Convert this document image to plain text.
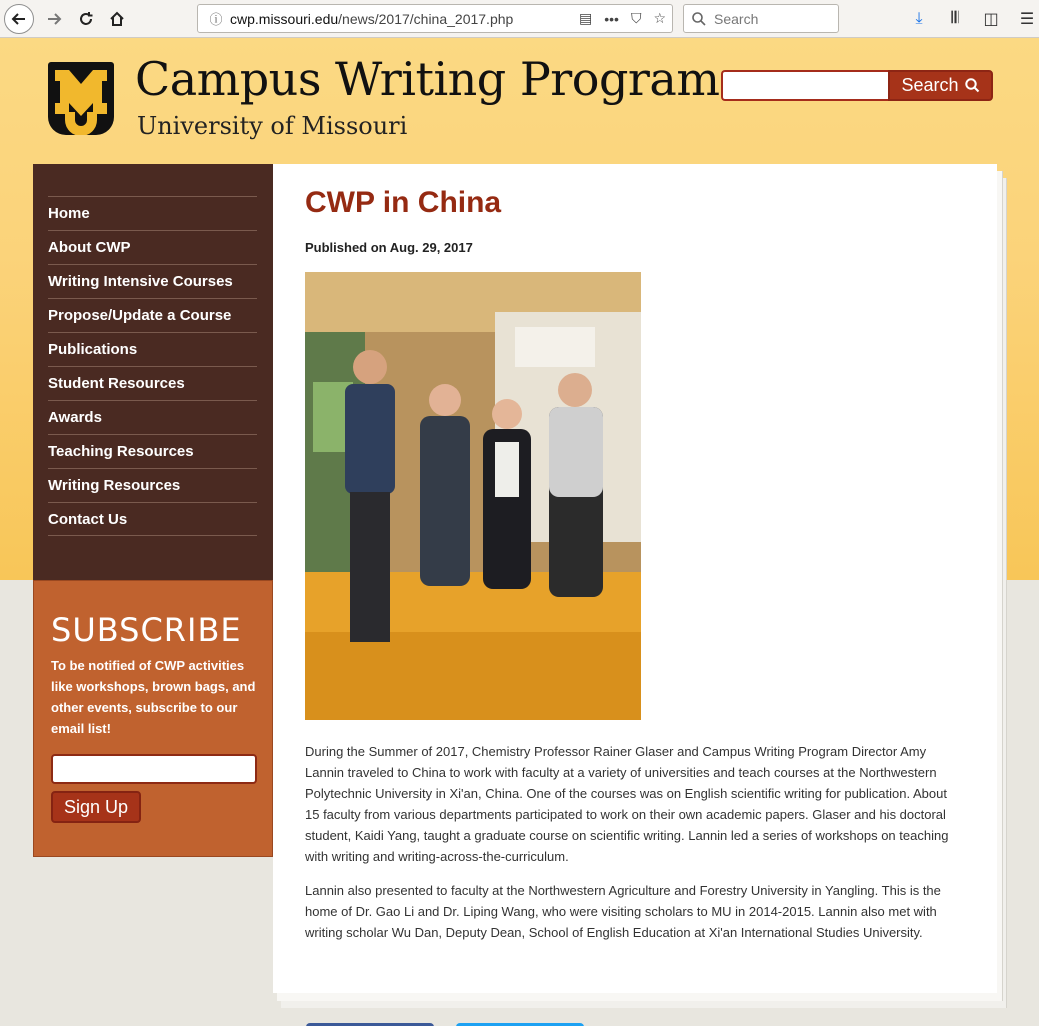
ⓘ cwp.missouri.edu/news/2017/china_2017.php	▤ ••• ⛉ ☆	Search	⤓	𝄃𝄃	◫	☰
Campus Writing Program
University of Missouri
Search
Home
About CWP
Writing Intensive Courses
Propose/Update a Course
Publications
Student Resources
Awards
Teaching Resources
Writing Resources
Contact Us
SUBSCRIBE
To be notified of CWP activities like workshops, brown bags, and other events, subscribe to our email list!

Sign Up
CWP in China
Published on Aug. 29, 2017

During the Summer of 2017, Chemistry Professor Rainer Glaser and Campus Writing Program Director Amy Lannin traveled to China to work with faculty at a variety of universities and teach courses at the Northwestern Polytechnic University in Xi'an, China. One of the courses was on English scientific writing for publication. About 15 faculty from various departments participated to work on their own academic papers. Glaser and his doctoral student, Kaidi Yang, taught a graduate course on scientific writing. Lannin led a series of workshops on teaching with writing and writing-across-the-curriculum.

Lannin also presented to faculty at the Northwestern Agriculture and Forestry University in Yangling. This is the home of Dr. Gao Li and Dr. Liping Wang, who were visiting scholars to MU in 2014-2015. Lannin also met with writing scholar Wu Dan, Deputy Dean, School of English Education at Xi'an International Studies University.
